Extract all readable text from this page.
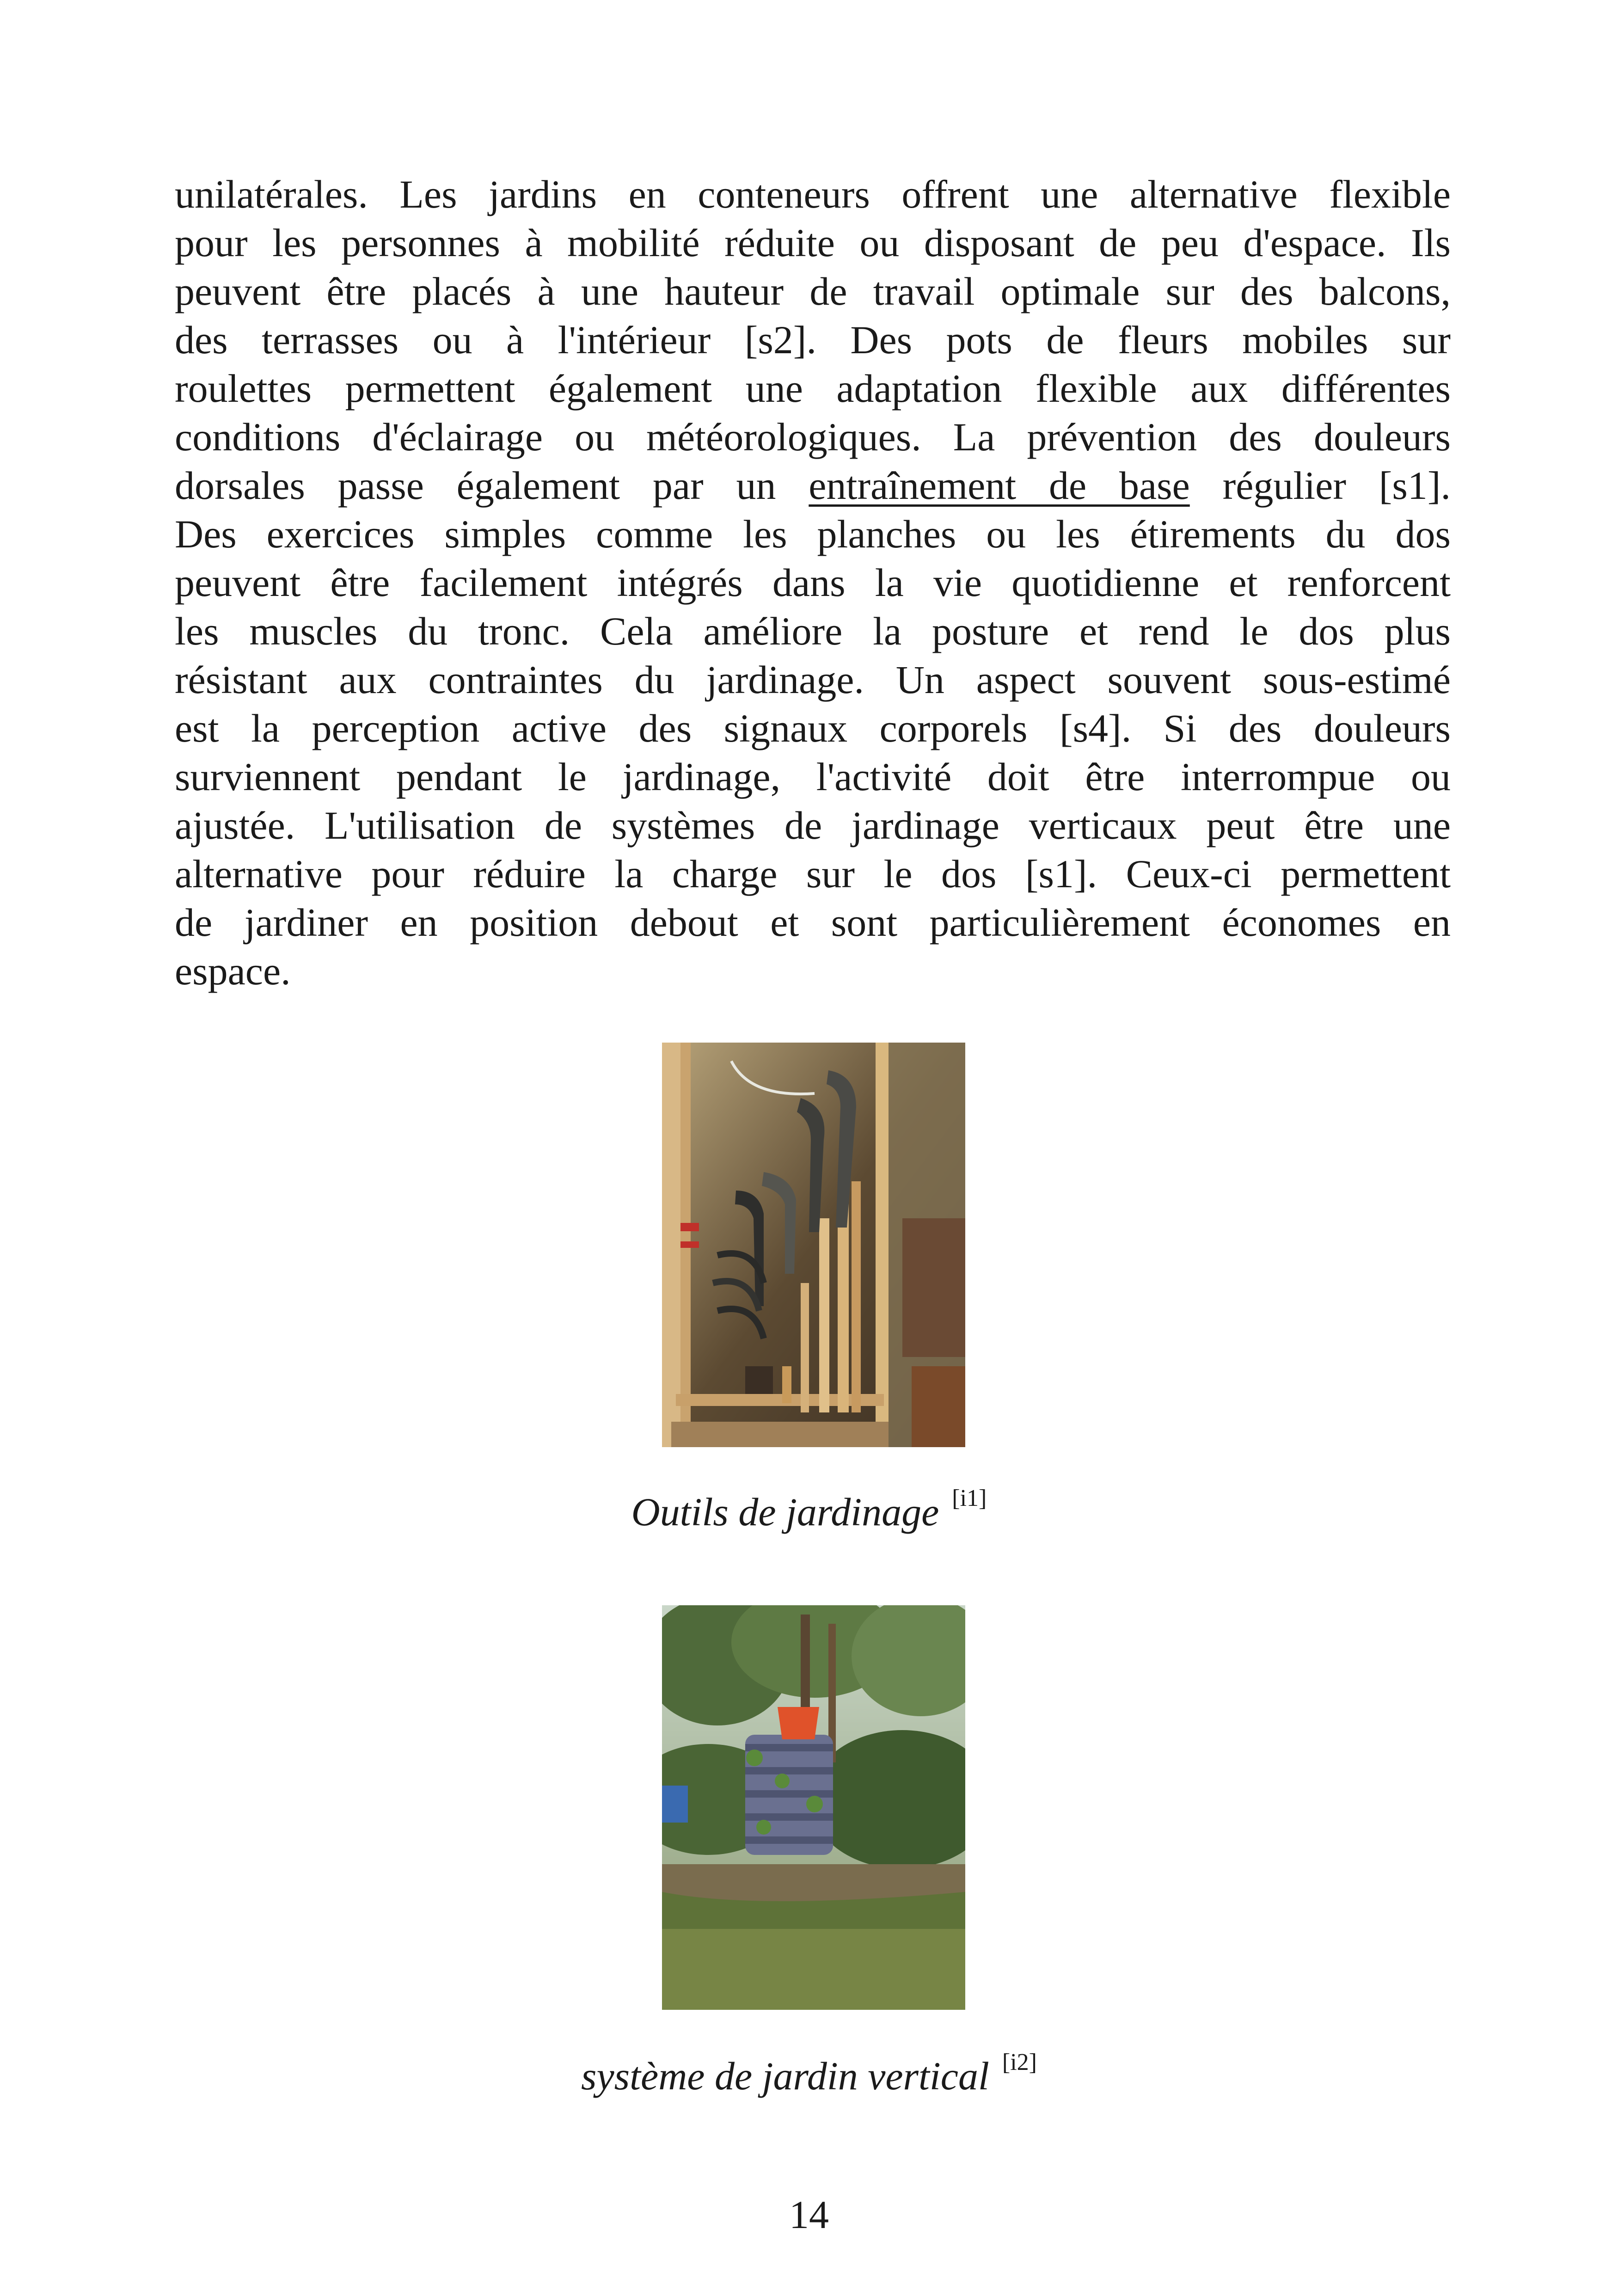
unilatérales. Les jardins en conteneurs offrent une alternative flexible
pour les personnes à mobilité réduite ou disposant de peu d'espace. Ils
peuvent être placés à une hauteur de travail optimale sur des balcons,
des terrasses ou à l'intérieur [s2]. Des pots de fleurs mobiles sur
roulettes permettent également une adaptation flexible aux différentes
conditions d'éclairage ou météorologiques. La prévention des douleurs
dorsales passe également par un entraînement de base régulier [s1].
Des exercices simples comme les planches ou les étirements du dos
peuvent être facilement intégrés dans la vie quotidienne et renforcent
les muscles du tronc. Cela améliore la posture et rend le dos plus
résistant aux contraintes du jardinage. Un aspect souvent sous-estimé
est la perception active des signaux corporels [s4]. Si des douleurs
surviennent pendant le jardinage, l'activité doit être interrompue ou
ajustée. L'utilisation de systèmes de jardinage verticaux peut être une
alternative pour réduire la charge sur le dos [s1]. Ceux-ci permettent
de jardiner en position debout et sont particulièrement économes en
espace.

Outils de jardinage [i1]
système de jardin vertical [i2]
14
